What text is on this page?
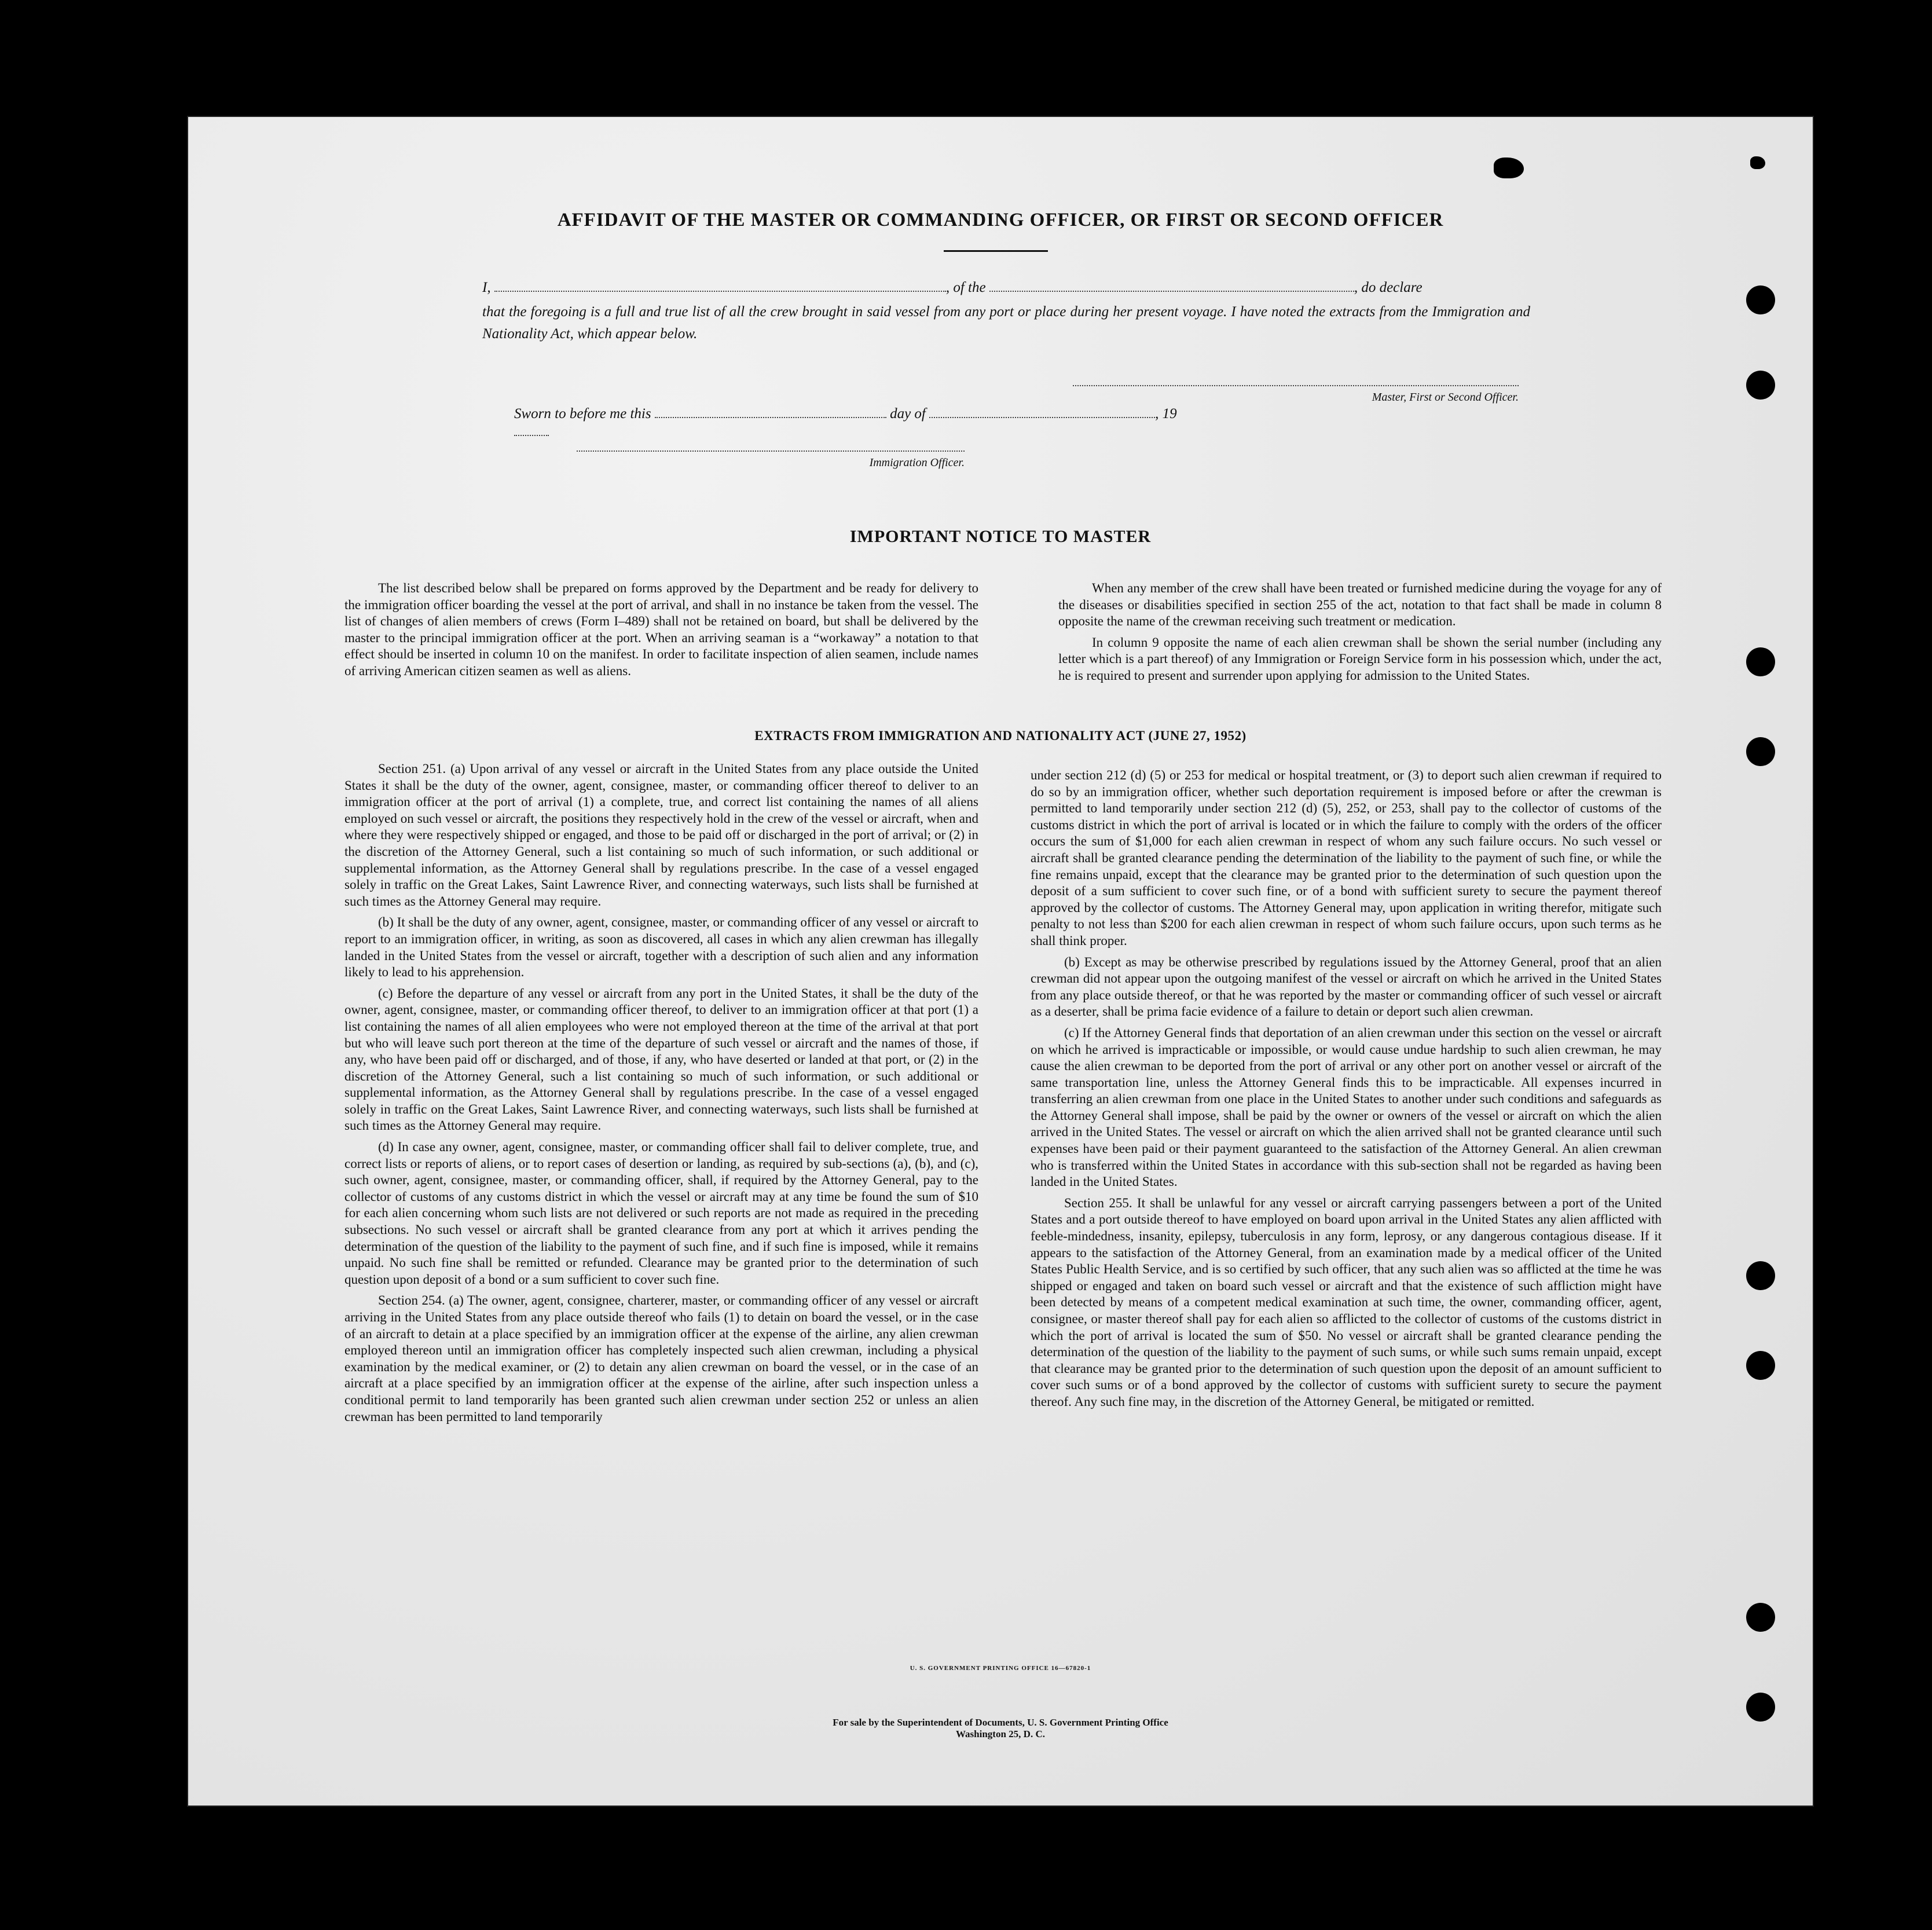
AFFIDAVIT OF THE MASTER OR COMMANDING OFFICER, OR FIRST OR SECOND OFFICER
I,	, of the	, do declare
that the foregoing is a full and true list of all the crew brought in said vessel from any port or place during her present voyage. I have noted the extracts from the Immigration and Nationality Act, which appear below.
Master, First or Second Officer.
Sworn to before me this	day of	, 19
Immigration Officer.
IMPORTANT NOTICE TO MASTER

The list described below shall be prepared on forms approved by the Department and be ready for delivery to the immigration officer boarding the vessel at the port of arrival, and shall in no instance be taken from the vessel. The list of changes of alien members of crews (Form I–489) shall not be retained on board, but shall be delivered by the master to the principal immigration officer at the port. When an arriving seaman is a “workaway” a notation to that effect should be inserted in column 10 on the manifest. In order to facilitate inspection of alien seamen, include names of arriving American citizen seamen as well as aliens.

EXTRACTS FROM IMMIGRATION AND NATIONALITY ACT (JUNE 27, 1952)

Section 251. (a) Upon arrival of any vessel or aircraft in the United States from any place outside the United States it shall be the duty of the owner, agent, consignee, master, or commanding officer thereof to deliver to an immigration officer at the port of arrival (1) a complete, true, and correct list containing the names of all aliens employed on such vessel or aircraft, the positions they respectively hold in the crew of the vessel or aircraft, when and where they were respectively shipped or engaged, and those to be paid off or discharged in the port of arrival; or (2) in the discretion of the Attorney General, such a list containing so much of such information, or such additional or supplemental information, as the Attorney General shall by regulations prescribe. In the case of a vessel engaged solely in traffic on the Great Lakes, Saint Lawrence River, and connecting waterways, such lists shall be furnished at such times as the Attorney General may require.

(b) It shall be the duty of any owner, agent, consignee, master, or commanding officer of any vessel or aircraft to report to an immigration officer, in writing, as soon as discovered, all cases in which any alien crewman has illegally landed in the United States from the vessel or aircraft, together with a description of such alien and any information likely to lead to his apprehension.

(c) Before the departure of any vessel or aircraft from any port in the United States, it shall be the duty of the owner, agent, consignee, master, or commanding officer thereof, to deliver to an immigration officer at that port (1) a list containing the names of all alien employees who were not employed thereon at the time of the arrival at that port but who will leave such port thereon at the time of the departure of such vessel or aircraft and the names of those, if any, who have been paid off or discharged, and of those, if any, who have deserted or landed at that port, or (2) in the discretion of the Attorney General, such a list containing so much of such information, or such additional or supplemental information, as the Attorney General shall by regulations prescribe. In the case of a vessel engaged solely in traffic on the Great Lakes, Saint Lawrence River, and connecting waterways, such lists shall be furnished at such times as the Attorney General may require.

(d) In case any owner, agent, consignee, master, or commanding officer shall fail to deliver complete, true, and correct lists or reports of aliens, or to report cases of desertion or landing, as required by sub-sections (a), (b), and (c), such owner, agent, consignee, master, or commanding officer, shall, if required by the Attorney General, pay to the collector of customs of any customs district in which the vessel or aircraft may at any time be found the sum of $10 for each alien concerning whom such lists are not delivered or such reports are not made as required in the preceding subsections. No such vessel or aircraft shall be granted clearance from any port at which it arrives pending the determination of the question of the liability to the payment of such fine, and if such fine is imposed, while it remains unpaid. No such fine shall be remitted or refunded. Clearance may be granted prior to the determination of such question upon deposit of a bond or a sum sufficient to cover such fine.

Section 254. (a) The owner, agent, consignee, charterer, master, or commanding officer of any vessel or aircraft arriving in the United States from any place outside thereof who fails (1) to detain on board the vessel, or in the case of an aircraft to detain at a place specified by an immigration officer at the expense of the airline, any alien crewman employed thereon until an immigration officer has completely inspected such alien crewman, including a physical examination by the medical examiner, or (2) to detain any alien crewman on board the vessel, or in the case of an aircraft at a place specified by an immigration officer at the expense of the airline, after such inspection unless a conditional permit to land temporarily has been granted such alien crewman under section 252 or unless an alien crewman has been permitted to land temporarily

U. S. GOVERNMENT PRINTING OFFICE 16—67820-1
For sale by the Superintendent of Documents, U. S. Government Printing Office
Washington 25, D. C.

When any member of the crew shall have been treated or furnished medicine during the voyage for any of the diseases or disabilities specified in section 255 of the act, notation to that fact shall be made in column 8 opposite the name of the crewman receiving such treatment or medication.

In column 9 opposite the name of each alien crewman shall be shown the serial number (including any letter which is a part thereof) of any Immigration or Foreign Service form in his possession which, under the act, he is required to present and surrender upon applying for admission to the United States.

under section 212 (d) (5) or 253 for medical or hospital treatment, or (3) to deport such alien crewman if required to do so by an immigration officer, whether such deportation requirement is imposed before or after the crewman is permitted to land temporarily under section 212 (d) (5), 252, or 253, shall pay to the collector of customs of the customs district in which the port of arrival is located or in which the failure to comply with the orders of the officer occurs the sum of $1,000 for each alien crewman in respect of whom any such failure occurs. No such vessel or aircraft shall be granted clearance pending the determination of the liability to the payment of such fine, or while the fine remains unpaid, except that the clearance may be granted prior to the determination of such question upon the deposit of a sum sufficient to cover such fine, or of a bond with sufficient surety to secure the payment thereof approved by the collector of customs. The Attorney General may, upon application in writing therefor, mitigate such penalty to not less than $200 for each alien crewman in respect of whom such failure occurs, upon such terms as he shall think proper.

(b) Except as may be otherwise prescribed by regulations issued by the Attorney General, proof that an alien crewman did not appear upon the outgoing manifest of the vessel or aircraft on which he arrived in the United States from any place outside thereof, or that he was reported by the master or commanding officer of such vessel or aircraft as a deserter, shall be prima facie evidence of a failure to detain or deport such alien crewman.

(c) If the Attorney General finds that deportation of an alien crewman under this section on the vessel or aircraft on which he arrived is impracticable or impossible, or would cause undue hardship to such alien crewman, he may cause the alien crewman to be deported from the port of arrival or any other port on another vessel or aircraft of the same transportation line, unless the Attorney General finds this to be impracticable. All expenses incurred in transferring an alien crewman from one place in the United States to another under such conditions and safeguards as the Attorney General shall impose, shall be paid by the owner or owners of the vessel or aircraft on which the alien arrived in the United States. The vessel or aircraft on which the alien arrived shall not be granted clearance until such expenses have been paid or their payment guaranteed to the satisfaction of the Attorney General. An alien crewman who is transferred within the United States in accordance with this sub-section shall not be regarded as having been landed in the United States.

Section 255. It shall be unlawful for any vessel or aircraft carrying passengers between a port of the United States and a port outside thereof to have employed on board upon arrival in the United States any alien afflicted with feeble-mindedness, insanity, epilepsy, tuberculosis in any form, leprosy, or any dangerous contagious disease. If it appears to the satisfaction of the Attorney General, from an examination made by a medical officer of the United States Public Health Service, and is so certified by such officer, that any such alien was so afflicted at the time he was shipped or engaged and taken on board such vessel or aircraft and that the existence of such affliction might have been detected by means of a competent medical examination at such time, the owner, commanding officer, agent, consignee, or master thereof shall pay for each alien so afflicted to the collector of customs of the customs district in which the port of arrival is located the sum of $50. No vessel or aircraft shall be granted clearance pending the determination of the question of the liability to the payment of such sums, or while such sums remain unpaid, except that clearance may be granted prior to the determination of such question upon the deposit of an amount sufficient to cover such sums or of a bond approved by the collector of customs with sufficient surety to secure the payment thereof. Any such fine may, in the discretion of the Attorney General, be mitigated or remitted.
